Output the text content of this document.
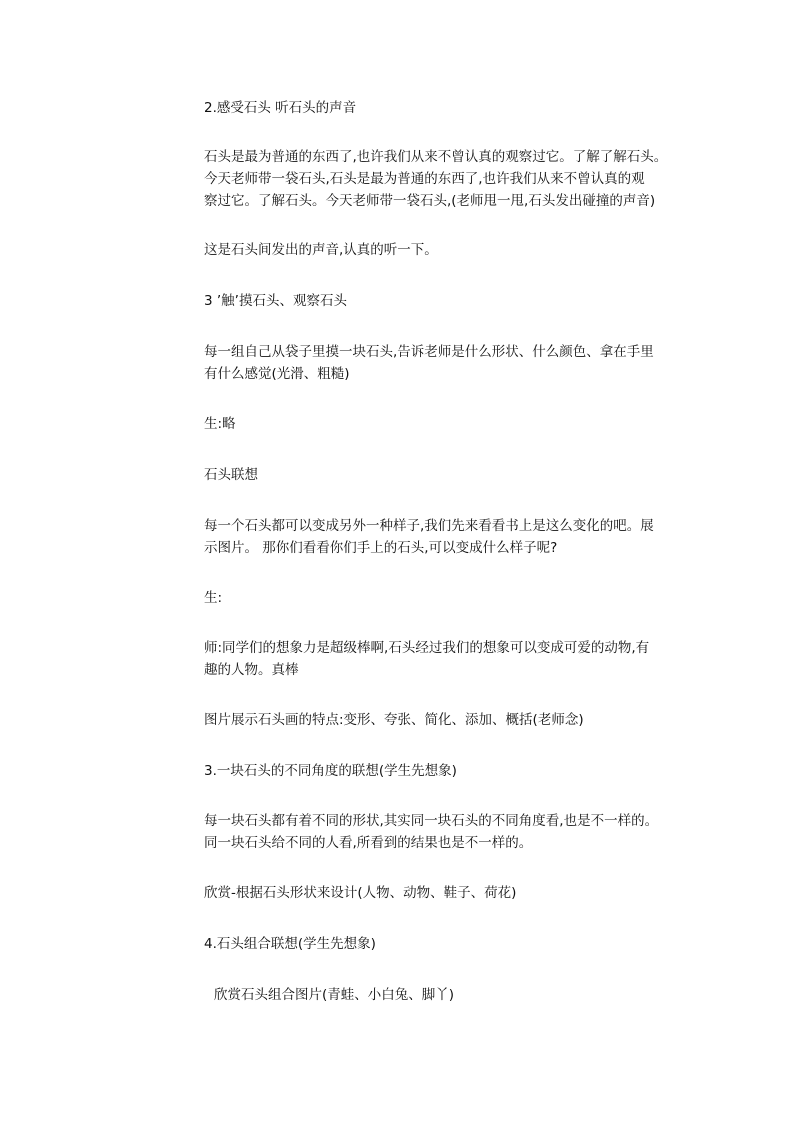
2.感受石头 听石头的声音

石头是最为普通的东西了,也许我们从来不曾认真的观察过它。了解了解石头。
今天老师带一袋石头,石头是最为普通的东西了,也许我们从来不曾认真的观
察过它。了解石头。今天老师带一袋石头,(老师甩一甩,石头发出碰撞的声音)

这是石头间发出的声音,认真的听一下。

3 ’触’摸石头、观察石头

每一组自己从袋子里摸一块石头,告诉老师是什么形状、什么颜色、拿在手里
有什么感觉(光滑、粗糙)

生:略

石头联想

每一个石头都可以变成另外一种样子,我们先来看看书上是这么变化的吧。展
示图片。 那你们看看你们手上的石头,可以变成什么样子呢?

生:

师:同学们的想象力是超级棒啊,石头经过我们的想象可以变成可爱的动物,有
趣的人物。真棒

图片展示石头画的特点:变形、夸张、简化、添加、概括(老师念)

3.一块石头的不同角度的联想(学生先想象)

每一块石头都有着不同的形状,其实同一块石头的不同角度看,也是不一样的。
同一块石头给不同的人看,所看到的结果也是不一样的。

欣赏-根据石头形状来设计(人物、动物、鞋子、荷花)

4.石头组合联想(学生先想象)

欣赏石头组合图片(青蛙、小白兔、脚丫)
